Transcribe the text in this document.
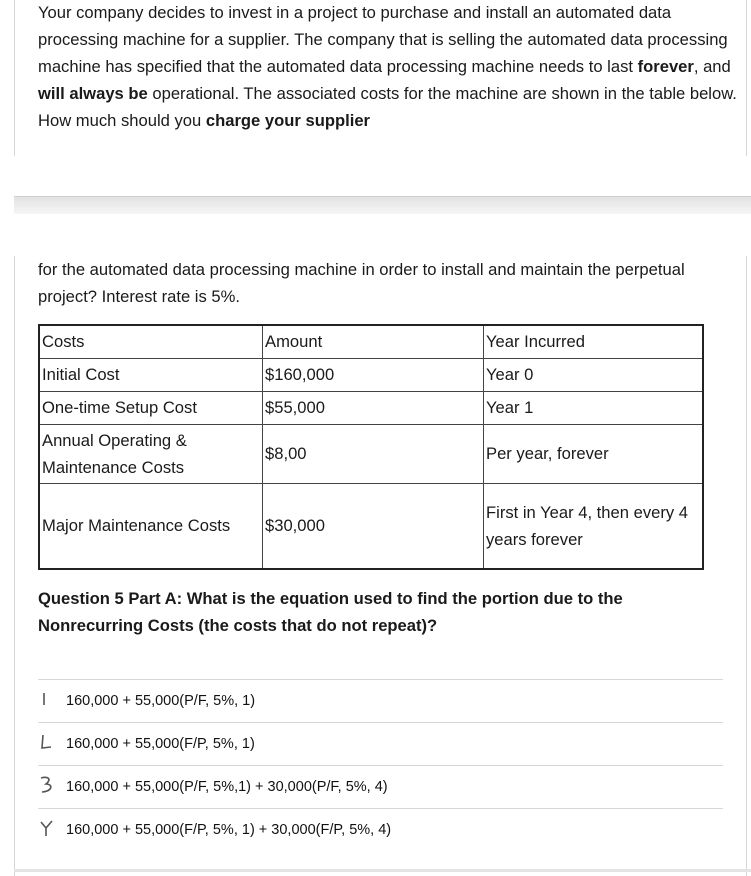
Your company decides to invest in a project to purchase and install an automated data processing machine for a supplier. The company that is selling the automated data processing machine has specified that the automated data processing machine needs to last forever, and will always be operational. The associated costs for the machine are shown in the table below. How much should you charge your supplier
for the automated data processing machine in order to install and maintain the perpetual project? Interest rate is 5%.
Costs	Amount	Year Incurred
Initial Cost	$160,000	Year 0
One-time Setup Cost	$55,000	Year 1
Annual Operating & Maintenance Costs	$8,00	Per year, forever
Major Maintenance Costs	$30,000	First in Year 4, then every 4 years forever
Question 5 Part A: What is the equation used to find the portion due to the Nonrecurring Costs (the costs that do not repeat)?
160,000 + 55,000(P/F, 5%, 1)
160,000 + 55,000(F/P, 5%, 1)
160,000 + 55,000(P/F, 5%,1) + 30,000(P/F, 5%, 4)
160,000 + 55,000(F/P, 5%, 1) + 30,000(F/P, 5%, 4)
